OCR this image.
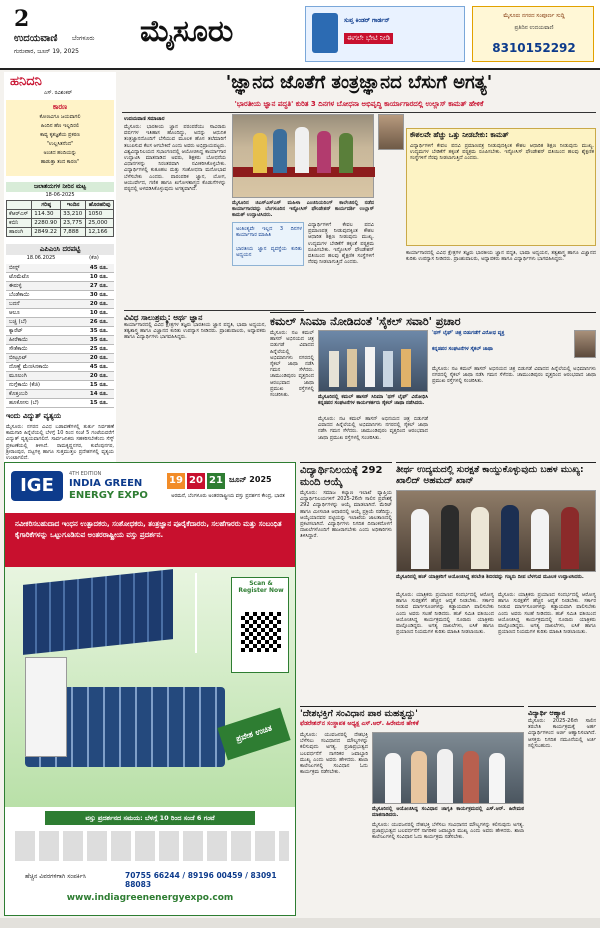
2
ಉದಯವಾಣಿ ಬೆಂಗಳೂರು
ಗುರುವಾರ, ಜೂನ್ 19, 2025
ಮೈಸೂರು	ಸುಪ್ತ ಕಿಂಡರ್ ಗಾರ್ಡನ್
ಈಗಲೇ ಭೇಟಿ ನೀಡಿ
ಮೈಸೂರು ನಗರದ ಸಂಪೂರ್ಣ ಸುದ್ದಿ
ಪ್ರತಿದಿನ ಉದಯವಾಣಿ
8310152292
ಹನಿದನಿ
ಎಸ್. ರವಿಶಂಕರ್
ಕಾರಣ
ಕೋಣವಿಗೂ ಜಯವಾಗಲಿ
ಹಿಂದಿನ ಹೆಣ ಇಲ್ಲದಿರಲಿ
ಕಾವ್ಯ ಕೃತಜ್ಞತೆಯ ಪ್ರಕರಣ
"ಉಲ್ಲಸಿತನೆಂದ"
ಅಂಜಿದ ಹಂದಿಯನ್ನು
ಹಾಡುತ್ತಾ ತಂದ ಕಾರಣ"
ಜಲಾಶಯಗಳ ನೀರಿನ ಮಟ್ಟ
18-06-2025
	ಗರಿಷ್ಠ	ಇಂದಿನ	ಹೊರಹರಿವು
ಕೆಆರ್‌ಎಸ್	114.30	33,210	1050
ಕಬಿನಿ	2280.90	23,775	25,000
ಹಾರಂಗಿ	2849.22	7,888	12,166
ಎಪಿಎಂಸಿ ದರಪಟ್ಟಿ
18.06.2025	(ಕೆಜಿ)
ಬೀನ್ಸ್	45 ರೂ.
ಟೊಮೆಟೊ	10 ರೂ.
ಈರುಳ್ಳಿ	27 ರೂ.
ಬೆಂಡೆಕಾಯಿ	30 ರೂ.
ಬದನೆ	20 ರೂ.
ಆಲೂ	10 ರೂ.
ಬಜ್ಜಿ (ಬೆ)	26 ರೂ.
ಕ್ಯಾರೆಟ್	35 ರೂ.
ಹೀರೆಕಾಯಿ	35 ರೂ.
ಸೌತೆಕಾಯಿ	25 ರೂ.
ಬೀಟ್ರೂಟ್	20 ರೂ.
ದೊಣ್ಣೆ ಮೆಣಸಿನಕಾಯಿ	45 ರೂ.
ಮೂಲಂಗಿ	20 ರೂ.
ನುಗ್ಗೆಕಾಯಿ (ಕೆಜಿ)	15 ರೂ.
ಕೊತ್ತಂಬರಿ	14 ರೂ.
ಹೂಕೋಸು (ಬೆ)	15 ರೂ.
ಇಂದು ವಿದ್ಯುತ್ ವ್ಯತ್ಯಯ
ಮೈಸೂರು: ನಗರದ ವಿವಿಧ ಬಡಾವಣೆಗಳಲ್ಲಿ ತುರ್ತು ನಿರ್ವಹಣೆ ಕಾಮಗಾರಿ ಹಿನ್ನೆಲೆಯಲ್ಲಿ ಬೆಳಗ್ಗೆ 10 ರಿಂದ ಸಂಜೆ 5 ಗಂಟೆಯವರೆಗೆ ವಿದ್ಯುತ್ ವ್ಯತ್ಯಯವಾಗಲಿದೆ. ಸಾರ್ವಜನಿಕರು ಸಹಕರಿಸಬೇಕೆಂದು ಸೆಸ್ಕ್ ಪ್ರಕಟಣೆಯಲ್ಲಿ ತಿಳಿಸಿದೆ. ರಾಮಕೃಷ್ಣನಗರ, ಕುವೆಂಪುನಗರ, ಶ್ರೀರಾಂಪುರ, ದಟ್ಟಗಳ್ಳಿ ಹಾಗೂ ಸುತ್ತಮುತ್ತಲ ಪ್ರದೇಶಗಳಲ್ಲಿ ವ್ಯತ್ಯಯ ಉಂಟಾಗಲಿದೆ.
'ಜ್ಞಾನದ ಜೊತೆಗೆ ತಂತ್ರಜ್ಞಾನದ ಬೆಸುಗೆ ಅಗತ್ಯ'
'ಭಾರತೀಯ ಜ್ಞಾನ ಪದ್ಧತಿ' ಕುರಿತ 3 ದಿನಗಳ ಬೋಧನಾ ಅಭಿವೃದ್ಧಿ ಕಾರ್ಯಾಗಾರದಲ್ಲಿ ಉಲ್ಲಾಸ್ ಕಾಮತ್ ಹೇಳಿಕೆ
ಉದಯವಾಣಿ ಸಮಾಚಾರ
ಮೈಸೂರು: ಭಾರತೀಯ ಜ್ಞಾನ ಪರಂಪರೆಯು ಸಾವಿರಾರು ವರ್ಷಗಳ ಇತಿಹಾಸ ಹೊಂದಿದ್ದು, ಅದನ್ನು ಆಧುನಿಕ ತಂತ್ರಜ್ಞಾನದೊಂದಿಗೆ ಬೆಸೆಯುವ ಮೂಲಕ ಹೊಸ ತಲೆಮಾರಿಗೆ ತಲುಪಿಸುವ ಕೆಲಸ ಆಗಬೇಕಿದೆ ಎಂದು ಅವರು ಅಭಿಪ್ರಾಯಪಟ್ಟರು. ವಿಶ್ವವಿದ್ಯಾನಿಲಯದ ಸಭಾಂಗಣದಲ್ಲಿ ಆಯೋಜಿಸಿದ್ದ ಕಾರ್ಯಾಗಾರ ಉದ್ಘಾಟಿಸಿ ಮಾತನಾಡಿದ ಅವರು, ಶಿಕ್ಷಕರು ಬೋಧನೆಯ ವಿಧಾನಗಳನ್ನು ನಿರಂತರವಾಗಿ ನವೀಕರಿಸಿಕೊಳ್ಳಬೇಕು. ವಿದ್ಯಾರ್ಥಿಗಳಲ್ಲಿ ಕುತೂಹಲ ಮತ್ತು ಸಂಶೋಧನಾ ಮನೋಭಾವ ಬೆಳೆಸಬೇಕು ಎಂದರು. ಪಾರಂಪರಿಕ ಜ್ಞಾನ, ಯೋಗ, ಆಯುರ್ವೇದ, ಗಣಿತ ಹಾಗೂ ಖಗೋಳಶಾಸ್ತ್ರದ ಕೊಡುಗೆಗಳನ್ನು ಪಠ್ಯದಲ್ಲಿ ಅಳವಡಿಸಿಕೊಳ್ಳುವುದು ಅಗತ್ಯವಾಗಿದೆ.
ಮೈಸೂರಿನ ಜಿಎಸ್‌ಎಸ್‌ಎಸ್ ಮಹಿಳಾ ಎಂಜಿನಿಯರಿಂಗ್ ಕಾಲೇಜಿನಲ್ಲಿ ನಡೆದ ಕಾರ್ಯಾಗಾರವನ್ನು ಬೆಂಗಳೂರಿನ ಇನ್ಫೋಸಿಸ್ ಫೌಂಡೇಶನ್ ಕಾರ್ಯದರ್ಶಿ ಉಲ್ಲಾಸ್ ಕಾಮತ್ ಉದ್ಘಾಟಿಸಿದರು.
ಅಂತಿಂತ್ಯವೇ ಇಲ್ಲದ 3 ದಿನಗಳ ಕಾರ್ಯಾಗಾರ ಮಾಹಿತಿ
ಭಾರತೀಯ ಜ್ಞಾನ ವ್ಯವಸ್ಥೆಯ ಕುರಿತು ಅಧ್ಯಯನ
ವಿದ್ಯಾರ್ಥಿಗಳಿಗೆ ಕೇವಲ ಪದವಿ ಪ್ರಮಾಣಪತ್ರ ನೀಡುವುದಕ್ಕಿಂತ ಕೌಶಲ ಆಧಾರಿತ ಶಿಕ್ಷಣ ನೀಡುವುದು ಮುಖ್ಯ. ಉದ್ಯಮಗಳ ಬೇಡಿಕೆಗೆ ತಕ್ಕಂತೆ ಪಠ್ಯಕ್ರಮ ರೂಪಿಸಬೇಕು. ಇನ್ಫೋಸಿಸ್ ಫೌಂಡೇಶನ್ ವತಿಯಿಂದ ಹಲವು ಶೈಕ್ಷಣಿಕ ಸಂಸ್ಥೆಗಳಿಗೆ ನೆರವು ನೀಡಲಾಗುತ್ತಿದೆ ಎಂದರು.
ಕೌಶಲವೇ ಹೆಚ್ಚು ಒತ್ತು ನೀಡಬೇಕು: ಕಾಮತ್
ವಿದ್ಯಾರ್ಥಿಗಳಿಗೆ ಕೇವಲ ಪದವಿ ಪ್ರಮಾಣಪತ್ರ ನೀಡುವುದಕ್ಕಿಂತ ಕೌಶಲ ಆಧಾರಿತ ಶಿಕ್ಷಣ ನೀಡುವುದು ಮುಖ್ಯ. ಉದ್ಯಮಗಳ ಬೇಡಿಕೆಗೆ ತಕ್ಕಂತೆ ಪಠ್ಯಕ್ರಮ ರೂಪಿಸಬೇಕು. ಇನ್ಫೋಸಿಸ್ ಫೌಂಡೇಶನ್ ವತಿಯಿಂದ ಹಲವು ಶೈಕ್ಷಣಿಕ ಸಂಸ್ಥೆಗಳಿಗೆ ನೆರವು ನೀಡಲಾಗುತ್ತಿದೆ ಎಂದರು.
ಕಾರ್ಯಾಗಾರದಲ್ಲಿ ವಿವಿಧ ಕ್ಷೇತ್ರಗಳ ತಜ್ಞರು ಭಾರತೀಯ ಜ್ಞಾನ ಪದ್ಧತಿ, ಭಾಷಾ ಅಧ್ಯಯನ, ತತ್ವಶಾಸ್ತ್ರ ಹಾಗೂ ವಿಜ್ಞಾನದ ಕುರಿತು ಉಪನ್ಯಾಸ ನೀಡಿದರು. ಪ್ರಾಂಶುಪಾಲರು, ಅಧ್ಯಾಪಕರು ಹಾಗೂ ವಿದ್ಯಾರ್ಥಿಗಳು ಭಾಗವಹಿಸಿದ್ದರು.
ವಿವಿಧ ಸಾಲುಶ್ರಮ್ಮ: ಅರ್ಥ ಜ್ಞಾನ
ಕಾರ್ಯಾಗಾರದಲ್ಲಿ ವಿವಿಧ ಕ್ಷೇತ್ರಗಳ ತಜ್ಞರು ಭಾರತೀಯ ಜ್ಞಾನ ಪದ್ಧತಿ, ಭಾಷಾ ಅಧ್ಯಯನ, ತತ್ವಶಾಸ್ತ್ರ ಹಾಗೂ ವಿಜ್ಞಾನದ ಕುರಿತು ಉಪನ್ಯಾಸ ನೀಡಿದರು. ಪ್ರಾಂಶುಪಾಲರು, ಅಧ್ಯಾಪಕರು ಹಾಗೂ ವಿದ್ಯಾರ್ಥಿಗಳು ಭಾಗವಹಿಸಿದ್ದರು.
ಕಮಲ್ ಸಿನಿಮಾ ನೋಡಿದಂತೆ 'ಸೈಕಲ್ ಸವಾರಿ' ಪ್ರಚಾರ
ಮೈಸೂರಿನಲ್ಲಿ ಕಮಲ್ ಹಾಸನ್ ಸಿನಿಮಾ 'ಥಗ್ ಲೈಫ್' ವಿರೋಧಿಸಿ ಕನ್ನಡಪರ ಸಂಘಟನೆಗಳ ಕಾರ್ಯಕರ್ತರು ಸೈಕಲ್ ಜಾಥಾ ನಡೆಸಿದರು.
ಮೈಸೂರು: ನಟ ಕಮಲ್ ಹಾಸನ್ ಅಭಿನಯದ ಚಿತ್ರ ಬಿಡುಗಡೆ ವಿವಾದದ ಹಿನ್ನೆಲೆಯಲ್ಲಿ ಅಭಿಮಾನಿಗಳು ನಗರದಲ್ಲಿ ಸೈಕಲ್ ಜಾಥಾ ನಡೆಸಿ ಗಮನ ಸೆಳೆದರು. ಚಾಮುಂಡಿಪುರಂ ವೃತ್ತದಿಂದ ಆರಂಭವಾದ ಜಾಥಾ ಪ್ರಮುಖ ರಸ್ತೆಗಳಲ್ಲಿ ಸಂಚರಿಸಿತು.
ಮೈಸೂರು: ನಟ ಕಮಲ್ ಹಾಸನ್ ಅಭಿನಯದ ಚಿತ್ರ ಬಿಡುಗಡೆ ವಿವಾದದ ಹಿನ್ನೆಲೆಯಲ್ಲಿ ಅಭಿಮಾನಿಗಳು ನಗರದಲ್ಲಿ ಸೈಕಲ್ ಜಾಥಾ ನಡೆಸಿ ಗಮನ ಸೆಳೆದರು. ಚಾಮುಂಡಿಪುರಂ ವೃತ್ತದಿಂದ ಆರಂಭವಾದ ಜಾಥಾ ಪ್ರಮುಖ ರಸ್ತೆಗಳಲ್ಲಿ ಸಂಚರಿಸಿತು.
'ಥಗ್ ಲೈಫ್' ಚಿತ್ರ ಬಿಡುಗಡೆಗೆ ವಿರೋಧ ವ್ಯಕ್ತ
ಕನ್ನಡಪರ ಸಂಘಟನೆಗಳ ಸೈಕಲ್ ಜಾಥಾ
ಮೈಸೂರು: ನಟ ಕಮಲ್ ಹಾಸನ್ ಅಭಿನಯದ ಚಿತ್ರ ಬಿಡುಗಡೆ ವಿವಾದದ ಹಿನ್ನೆಲೆಯಲ್ಲಿ ಅಭಿಮಾನಿಗಳು ನಗರದಲ್ಲಿ ಸೈಕಲ್ ಜಾಥಾ ನಡೆಸಿ ಗಮನ ಸೆಳೆದರು. ಚಾಮುಂಡಿಪುರಂ ವೃತ್ತದಿಂದ ಆರಂಭವಾದ ಜಾಥಾ ಪ್ರಮುಖ ರಸ್ತೆಗಳಲ್ಲಿ ಸಂಚರಿಸಿತು.
IGE
4TH EDITION
INDIA GREEN
ENERGY EXPO
19 20 21 ಜೂನ್ 2025
ಅರಮನೆ, ಬೆಂಗಳೂರು ಅಂತರರಾಷ್ಟ್ರೀಯ ವಸ್ತು ಪ್ರದರ್ಶನ ಕೇಂದ್ರ, ಭಾರತ
ನವೀಕರಿಸಬಹುದಾದ ಇಂಧನ ಉತ್ಪಾದಕರು, ಸಂಶೋಧಕರು, ತಂತ್ರಜ್ಞಾನ ಪೂರೈಕೆದಾರರು, ಸಲಹೆಗಾರರು ಮತ್ತು ಸಂಬಂಧಿತ ಕೈಗಾರಿಕೆಗಳನ್ನು ಒಟ್ಟುಗೂಡಿಸುವ ಅಂತರರಾಷ್ಟ್ರೀಯ ವಸ್ತು ಪ್ರದರ್ಶನ.
Scan & Register Now
ಪ್ರವೇಶ ಉಚಿತ
ವಸ್ತು ಪ್ರದರ್ಶನದ ಸಮಯ: ಬೆಳಗ್ಗೆ 10 ರಿಂದ ಸಂಜೆ 6 ಗಂಟೆ
ಹೆಚ್ಚಿನ ವಿವರಗಳಿಗಾಗಿ ಸಂಪರ್ಕಿಸಿ	70755 66244 / 89196 00459 / 83091 88083
www.indiagreenenergyexpo.com
ವಿದ್ಯಾರ್ಥಿನಿಲಯಕ್ಕೆ 292 ಮಂದಿ ಆಯ್ಕೆ
ಮೈಸೂರು: ಸಮಾಜ ಕಲ್ಯಾಣ ಇಲಾಖೆ ವ್ಯಾಪ್ತಿಯ ವಿದ್ಯಾರ್ಥಿನಿಲಯಗಳಿಗೆ 2025-26ನೇ ಸಾಲಿನ ಪ್ರವೇಶಕ್ಕೆ 292 ವಿದ್ಯಾರ್ಥಿಗಳನ್ನು ಆಯ್ಕೆ ಮಾಡಲಾಗಿದೆ. ಮೆರಿಟ್ ಹಾಗೂ ಮೀಸಲಾತಿ ಆಧಾರದಲ್ಲಿ ಆಯ್ಕೆ ಪ್ರಕ್ರಿಯೆ ನಡೆದಿದ್ದು, ಆಯ್ಕೆಯಾದವರ ಪಟ್ಟಿಯನ್ನು ಇಲಾಖೆಯ ಜಾಲತಾಣದಲ್ಲಿ ಪ್ರಕಟಿಸಲಾಗಿದೆ. ವಿದ್ಯಾರ್ಥಿಗಳು ನಿಗದಿತ ದಿನಾಂಕದೊಳಗೆ ದಾಖಲೆಗಳೊಂದಿಗೆ ಹಾಜರಾಗಬೇಕು ಎಂದು ಅಧಿಕಾರಿಗಳು ತಿಳಿಸಿದ್ದಾರೆ.
ತೀರ್ಥ ಉದ್ಯಮದಲ್ಲಿ ಸುರಕ್ಷತೆ ಕಾಯ್ದುಕೊಳ್ಳುವುದು ಬಹಳ ಮುಖ್ಯ: ಖಾಲಿದ್ ಅಹಮದ್ ಖಾನ್
ಮೈಸೂರಿನಲ್ಲಿ ಹಜ್ ಯಾತ್ರಿಕರಿಗೆ ಆಯೋಜಿಸಿದ್ದ ತರಬೇತಿ ಶಿಬಿರವನ್ನು ಗಣ್ಯರು ದೀಪ ಬೆಳಗುವ ಮೂಲಕ ಉದ್ಘಾಟಿಸಿದರು.
ಮೈಸೂರು: ಯಾತ್ರಿಕರು ಪ್ರಯಾಣದ ಸಂದರ್ಭದಲ್ಲಿ ಆರೋಗ್ಯ ಹಾಗೂ ಸುರಕ್ಷತೆಗೆ ಹೆಚ್ಚಿನ ಆದ್ಯತೆ ನೀಡಬೇಕು. ಸರ್ಕಾರ ನೀಡುವ ಮಾರ್ಗಸೂಚಿಗಳನ್ನು ಕಡ್ಡಾಯವಾಗಿ ಪಾಲಿಸಬೇಕು ಎಂದು ಅವರು ಸಲಹೆ ನೀಡಿದರು. ಹಜ್ ಸಮಿತಿ ವತಿಯಿಂದ ಆಯೋಜಿಸಿದ್ದ ಕಾರ್ಯಕ್ರಮದಲ್ಲಿ ನೂರಾರು ಯಾತ್ರಿಕರು ಪಾಲ್ಗೊಂಡಿದ್ದರು. ಅಗತ್ಯ ದಾಖಲೆಗಳು, ಲಸಿಕೆ ಹಾಗೂ ಪ್ರಯಾಣದ ನಿಯಮಗಳ ಕುರಿತು ಮಾಹಿತಿ ನೀಡಲಾಯಿತು.
ಮೈಸೂರು: ಯಾತ್ರಿಕರು ಪ್ರಯಾಣದ ಸಂದರ್ಭದಲ್ಲಿ ಆರೋಗ್ಯ ಹಾಗೂ ಸುರಕ್ಷತೆಗೆ ಹೆಚ್ಚಿನ ಆದ್ಯತೆ ನೀಡಬೇಕು. ಸರ್ಕಾರ ನೀಡುವ ಮಾರ್ಗಸೂಚಿಗಳನ್ನು ಕಡ್ಡಾಯವಾಗಿ ಪಾಲಿಸಬೇಕು ಎಂದು ಅವರು ಸಲಹೆ ನೀಡಿದರು. ಹಜ್ ಸಮಿತಿ ವತಿಯಿಂದ ಆಯೋಜಿಸಿದ್ದ ಕಾರ್ಯಕ್ರಮದಲ್ಲಿ ನೂರಾರು ಯಾತ್ರಿಕರು ಪಾಲ್ಗೊಂಡಿದ್ದರು. ಅಗತ್ಯ ದಾಖಲೆಗಳು, ಲಸಿಕೆ ಹಾಗೂ ಪ್ರಯಾಣದ ನಿಯಮಗಳ ಕುರಿತು ಮಾಹಿತಿ ನೀಡಲಾಯಿತು.
'ದೇಶಭಕ್ತಿಗೆ ಸಂವಿಧಾನ ಪಾಠ ಮಹತ್ವದ್ದು'
ಫೆಡರೇಶನ್‌ನ ಸಂಸ್ಥಾಪಕ ಅಧ್ಯಕ್ಷ ಎಸ್.ಆರ್. ಹಿರೇಮಠ ಹೇಳಿಕೆ
ಮೈಸೂರಿನಲ್ಲಿ ಆಯೋಜಿಸಿದ್ದ ಸಂವಿಧಾನ ಜಾಗೃತಿ ಕಾರ್ಯಕ್ರಮದಲ್ಲಿ ಎಸ್.ಆರ್. ಹಿರೇಮಠ ಮಾತನಾಡಿದರು.
ಮೈಸೂರು: ಯುವಜನರಲ್ಲಿ ದೇಶಭಕ್ತಿ ಬೆಳೆಸಲು ಸಂವಿಧಾನದ ಮೌಲ್ಯಗಳನ್ನು ಕಲಿಸುವುದು ಅಗತ್ಯ. ಪ್ರಜಾಪ್ರಭುತ್ವದ ಬಲವರ್ಧನೆಗೆ ನಾಗರಿಕರ ಜವಾಬ್ದಾರಿ ಮುಖ್ಯ ಎಂದು ಅವರು ಹೇಳಿದರು. ಶಾಲಾ ಕಾಲೇಜುಗಳಲ್ಲಿ ಸಂವಿಧಾನ ಓದು ಕಾರ್ಯಕ್ರಮ ನಡೆಸಬೇಕು.
ಮೈಸೂರು: ಯುವಜನರಲ್ಲಿ ದೇಶಭಕ್ತಿ ಬೆಳೆಸಲು ಸಂವಿಧಾನದ ಮೌಲ್ಯಗಳನ್ನು ಕಲಿಸುವುದು ಅಗತ್ಯ. ಪ್ರಜಾಪ್ರಭುತ್ವದ ಬಲವರ್ಧನೆಗೆ ನಾಗರಿಕರ ಜವಾಬ್ದಾರಿ ಮುಖ್ಯ ಎಂದು ಅವರು ಹೇಳಿದರು. ಶಾಲಾ ಕಾಲೇಜುಗಳಲ್ಲಿ ಸಂವಿಧಾನ ಓದು ಕಾರ್ಯಕ್ರಮ ನಡೆಸಬೇಕು.
ವಿದ್ಯಾರ್ಥಿ ಆಹ್ವಾನ
ಮೈಸೂರು: 2025-26ನೇ ಸಾಲಿನ ತರಬೇತಿ ಕಾರ್ಯಕ್ರಮಕ್ಕೆ ಅರ್ಹ ವಿದ್ಯಾರ್ಥಿಗಳಿಂದ ಅರ್ಜಿ ಆಹ್ವಾನಿಸಲಾಗಿದೆ. ಆಸಕ್ತರು ನಿಗದಿತ ನಮೂನೆಯಲ್ಲಿ ಅರ್ಜಿ ಸಲ್ಲಿಸಬಹುದು.
